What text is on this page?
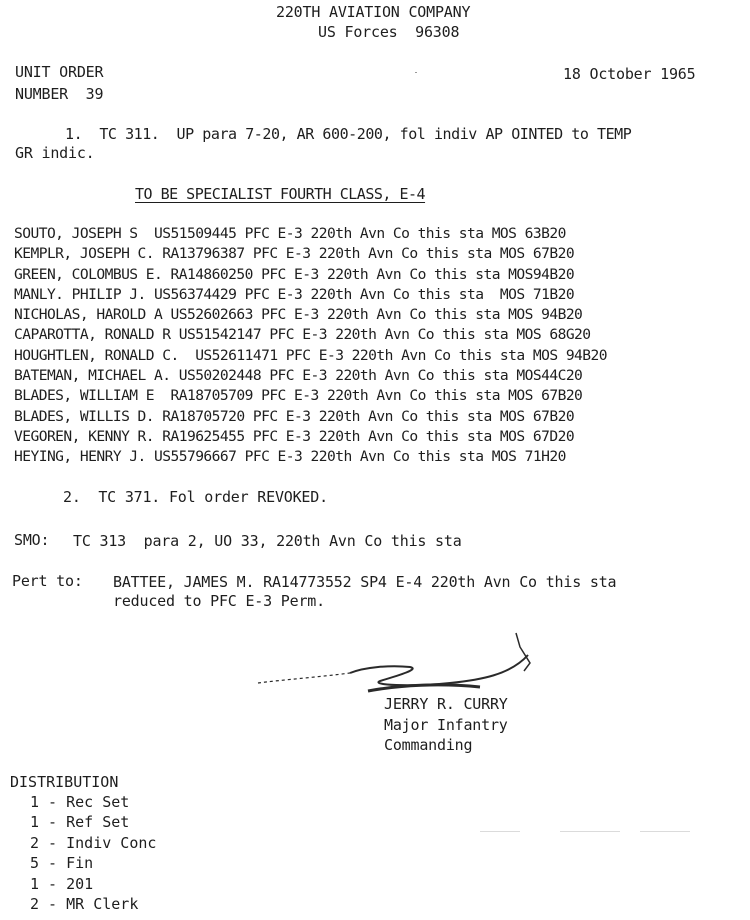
220TH AVIATION COMPANY
US Forces  96308
UNIT ORDER
NUMBER  39
18 October 1965
1.  TC 311.  UP para 7-20, AR 600-200, fol indiv AP OINTED to TEMP
GR indic.
TO BE SPECIALIST FOURTH CLASS, E-4
SOUTO, JOSEPH S  US51509445 PFC E-3 220th Avn Co this sta MOS 63B20
KEMPLR, JOSEPH C. RA13796387 PFC E-3 220th Avn Co this sta MOS 67B20
GREEN, COLOMBUS E. RA14860250 PFC E-3 220th Avn Co this sta MOS94B20
MANLY. PHILIP J. US56374429 PFC E-3 220th Avn Co this sta  MOS 71B20
NICHOLAS, HAROLD A US52602663 PFC E-3 220th Avn Co this sta MOS 94B20
CAPAROTTA, RONALD R US51542147 PFC E-3 220th Avn Co this sta MOS 68G20
HOUGHTLEN, RONALD C.  US52611471 PFC E-3 220th Avn Co this sta MOS 94B20
BATEMAN, MICHAEL A. US50202448 PFC E-3 220th Avn Co this sta MOS44C20
BLADES, WILLIAM E  RA18705709 PFC E-3 220th Avn Co this sta MOS 67B20
BLADES, WILLIS D. RA18705720 PFC E-3 220th Avn Co this sta MOS 67B20
VEGOREN, KENNY R. RA19625455 PFC E-3 220th Avn Co this sta MOS 67D20
HEYING, HENRY J. US55796667 PFC E-3 220th Avn Co this sta MOS 71H20
2.  TC 371. Fol order REVOKED.
SMO: TC 313  para 2, UO 33, 220th Avn Co this sta
Pert to: BATTEE, JAMES M. RA14773552 SP4 E-4 220th Avn Co this sta
reduced to PFC E-3 Perm.
JERRY R. CURRY
Major Infantry
Commanding
DISTRIBUTION
1 - Rec Set
1 - Ref Set
2 - Indiv Conc
5 - Fin
1 - 201
2 - MR Clerk
